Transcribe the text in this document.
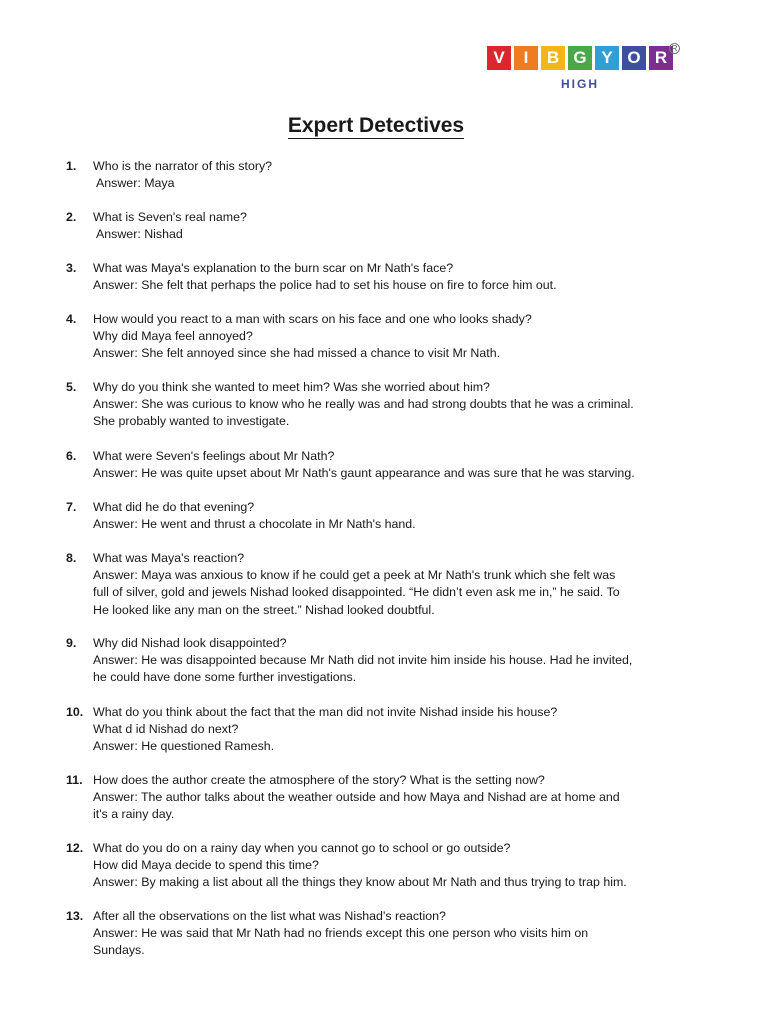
V	I	B G Y O R
HIGH
R
Expert Detectives
1. Who is the narrator of this story?

Answer: Maya

2. What is Seven's real name?

Answer: Nishad

3. What was Maya's explanation to the burn scar on Mr Nath's face?

Answer: She felt that perhaps the police had to set his house on fire to force him out.

4. How would you react to a man with scars on his face and one who looks shady?

Why did Maya feel annoyed?

Answer: She felt annoyed since she had missed a chance to visit Mr Nath.

5. Why do you think she wanted to meet him? Was she worried about him?

Answer: She was curious to know who he really was and had strong doubts that he was a criminal.

She probably wanted to investigate.

6. What were Seven's feelings about Mr Nath?

Answer: He was quite upset about Mr Nath's gaunt appearance and was sure that he was starving.

7. What did he do that evening?

Answer: He went and thrust a chocolate in Mr Nath's hand.

8. What was Maya's reaction?

Answer: Maya was anxious to know if he could get a peek at Mr Nath's trunk which she felt was

full of silver, gold and jewels Nishad looked disappointed. “He didn’t even ask me in,” he said. To

He looked like any man on the street.” Nishad looked doubtful.

9. Why did Nishad look disappointed?

Answer: He was disappointed because Mr Nath did not invite him inside his house. Had he invited,

he could have done some further investigations.

10. What do you think about the fact that the man did not invite Nishad inside his house?

What d id Nishad do next?

Answer: He questioned Ramesh.

11. How does the author create the atmosphere of the story? What is the setting now?

Answer: The author talks about the weather outside and how Maya and Nishad are at home and

it's a rainy day.

12. What do you do on a rainy day when you cannot go to school or go outside?

How did Maya decide to spend this time?

Answer: By making a list about all the things they know about Mr Nath and thus trying to trap him.

13. After all the observations on the list what was Nishad's reaction?

Answer: He was said that Mr Nath had no friends except this one person who visits him on

Sundays.
